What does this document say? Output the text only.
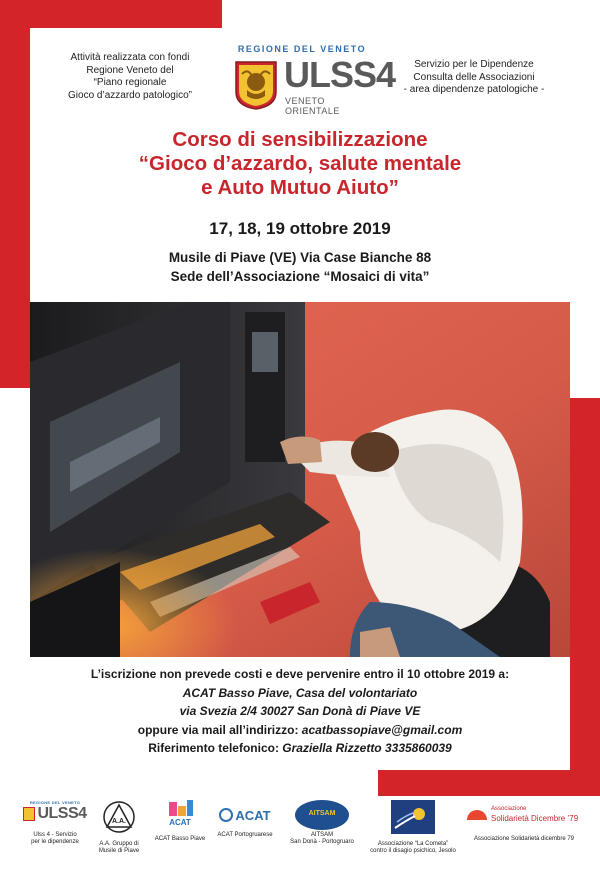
Attività realizzata con fondi
Regione Veneto del
“Piano regionale
Gioco d’azzardo patologico”
REGIONE DEL VENETO
ULSS4
VENETO ORIENTALE
Servizio per le Dipendenze
Consulta delle Associazioni
- area dipendenze patologiche -
Corso di sensibilizzazione
“Gioco d’azzardo, salute mentale
e Auto Mutuo Aiuto”
17, 18, 19 ottobre 2019
Musile di Piave (VE) Via Case Bianche 88
Sede dell’Associazione “Mosaici di vita”
L’iscrizione non prevede costi e deve pervenire entro il 10 ottobre 2019 a:
ACAT Basso Piave, Casa del volontariato
via Svezia 2/4 30027 San Donà di Piave VE
oppure via mail all’indirizzo: acatbassopiave@gmail.com
Riferimento telefonico: Graziella Rizzetto 3335860039
REGIONE DEL VENETO
ULSS4
Ulss 4 - Servizio
per le dipendenze
A.A.
A.A. Gruppo di
Musile di Piave
ACAT
ACAT Basso Piave
ACAT
ACAT Portogruarese
AITSAM
AITSAM
San Donà - Portogruaro	Associazione “La Cometa”
contro il disagio psichico, Jesolo
Associazione
Solidarietà Dicembre ’79
Associazione Solidarietà dicembre 79
